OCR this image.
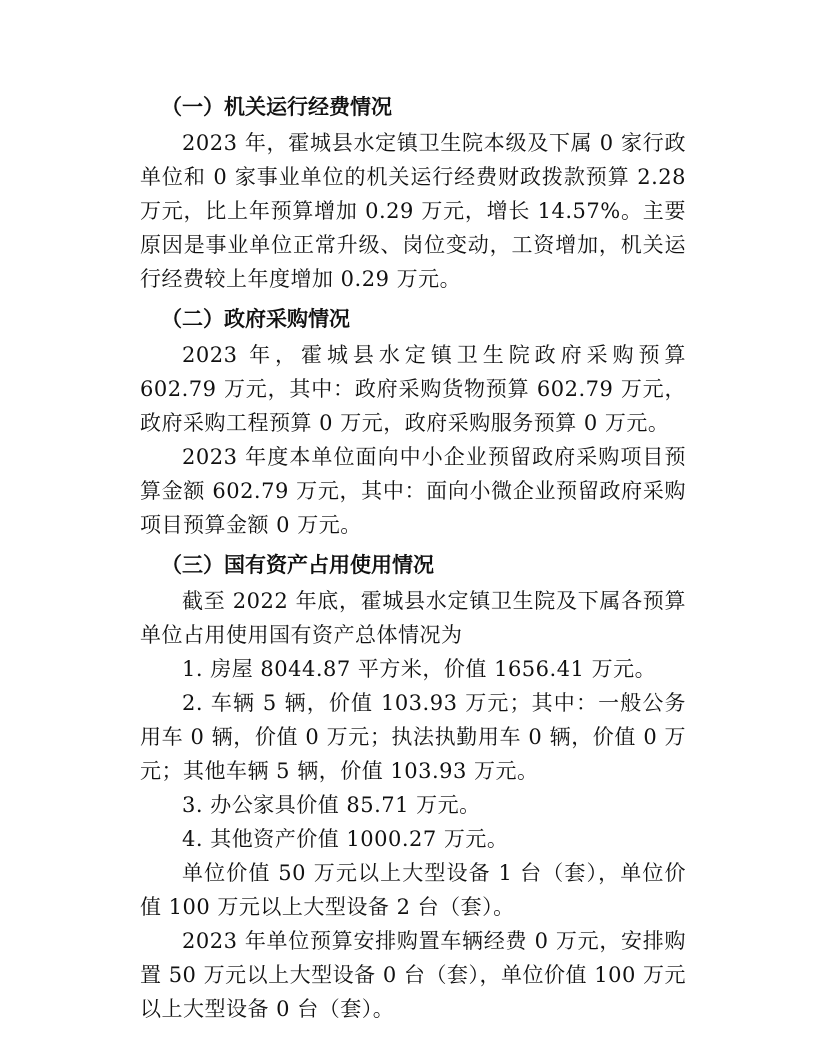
（一）机关运行经费情况

2023 年，霍城县水定镇卫生院本级及下属 0 家行政单位和 0 家事业单位的机关运行经费财政拨款预算 2.28 万元，比上年预算增加 0.29 万元，增长 14.57%。主要原因是事业单位正常升级、岗位变动，工资增加，机关运行经费较上年度增加 0.29 万元。

（二）政府采购情况

2023 年，霍城县水定镇卫生院政府采购预算 602.79 万元，其中：政府采购货物预算 602.79 万元，政府采购工程预算 0 万元，政府采购服务预算 0 万元。

2023 年度本单位面向中小企业预留政府采购项目预算金额 602.79 万元，其中：面向小微企业预留政府采购项目预算金额 0 万元。

（三）国有资产占用使用情况

截至 2022 年底，霍城县水定镇卫生院及下属各预算单位占用使用国有资产总体情况为

1. 房屋 8044.87 平方米，价值 1656.41 万元。

2. 车辆 5 辆，价值 103.93 万元；其中：一般公务用车 0 辆，价值 0 万元；执法执勤用车 0 辆，价值 0 万元；其他车辆 5 辆，价值 103.93 万元。

3. 办公家具价值 85.71 万元。

4. 其他资产价值 1000.27 万元。

单位价值 50 万元以上大型设备 1 台（套），单位价值 100 万元以上大型设备 2 台（套）。

2023 年单位预算安排购置车辆经费 0 万元，安排购置 50 万元以上大型设备 0 台（套），单位价值 100 万元以上大型设备 0 台（套）。
